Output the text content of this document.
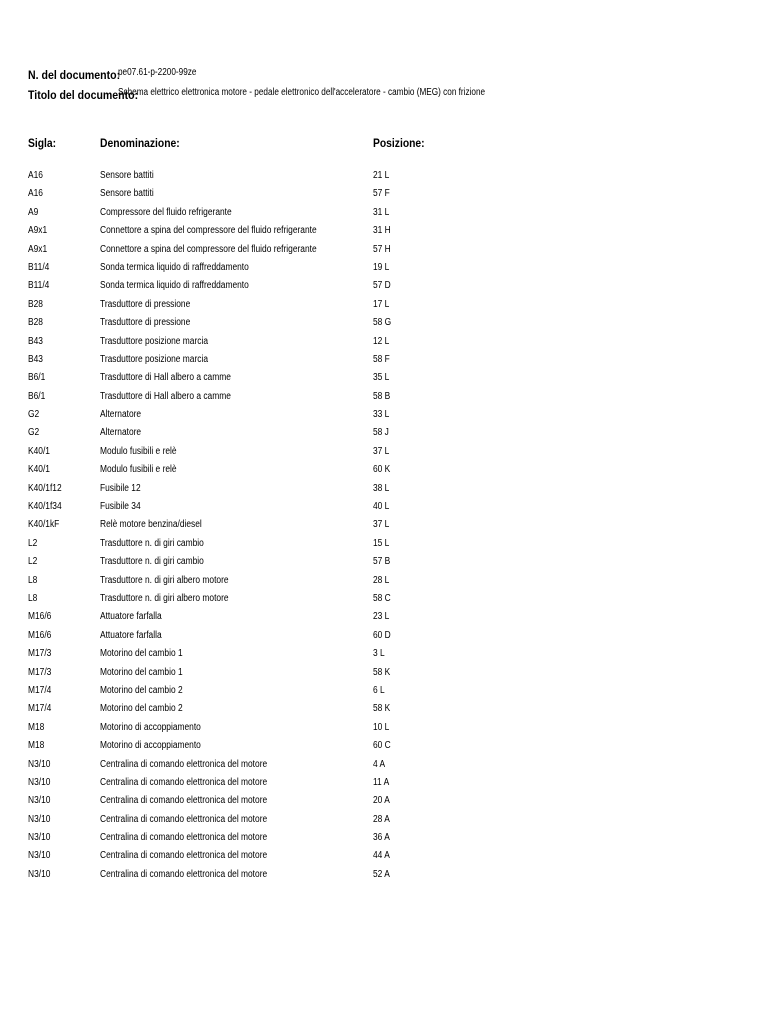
N. del documento:
pe07.61-p-2200-99ze
Titolo del documento:
Schema elettrico elettronica motore - pedale elettronico dell'acceleratore - cambio (MEG) con frizione
Sigla:	Denominazione:	Posizione:
A16	Sensore battiti	21 L
A16	Sensore battiti	57 F
A9	Compressore del fluido refrigerante	31 L
A9x1	Connettore a spina del compressore del fluido refrigerante	31 H
A9x1	Connettore a spina del compressore del fluido refrigerante	57 H
B11/4	Sonda termica liquido di raffreddamento	19 L
B11/4	Sonda termica liquido di raffreddamento	57 D
B28	Trasduttore di pressione	17 L
B28	Trasduttore di pressione	58 G
B43	Trasduttore posizione marcia	12 L
B43	Trasduttore posizione marcia	58 F
B6/1	Trasduttore di Hall albero a camme	35 L
B6/1	Trasduttore di Hall albero a camme	58 B
G2	Alternatore	33 L
G2	Alternatore	58 J
K40/1	Modulo fusibili e relè	37 L
K40/1	Modulo fusibili e relè	60 K
K40/1f12	Fusibile 12	38 L
K40/1f34	Fusibile 34	40 L
K40/1kF	Relè motore benzina/diesel	37 L
L2	Trasduttore n. di giri cambio	15 L
L2	Trasduttore n. di giri cambio	57 B
L8	Trasduttore n. di giri albero motore	28 L
L8	Trasduttore n. di giri albero motore	58 C
M16/6	Attuatore farfalla	23 L
M16/6	Attuatore farfalla	60 D
M17/3	Motorino del cambio 1	3 L
M17/3	Motorino del cambio 1	58 K
M17/4	Motorino del cambio 2	6 L
M17/4	Motorino del cambio 2	58 K
M18	Motorino di accoppiamento	10 L
M18	Motorino di accoppiamento	60 C
N3/10	Centralina di comando elettronica del motore	4 A
N3/10	Centralina di comando elettronica del motore	11 A
N3/10	Centralina di comando elettronica del motore	20 A
N3/10	Centralina di comando elettronica del motore	28 A
N3/10	Centralina di comando elettronica del motore	36 A
N3/10	Centralina di comando elettronica del motore	44 A
N3/10	Centralina di comando elettronica del motore	52 A
